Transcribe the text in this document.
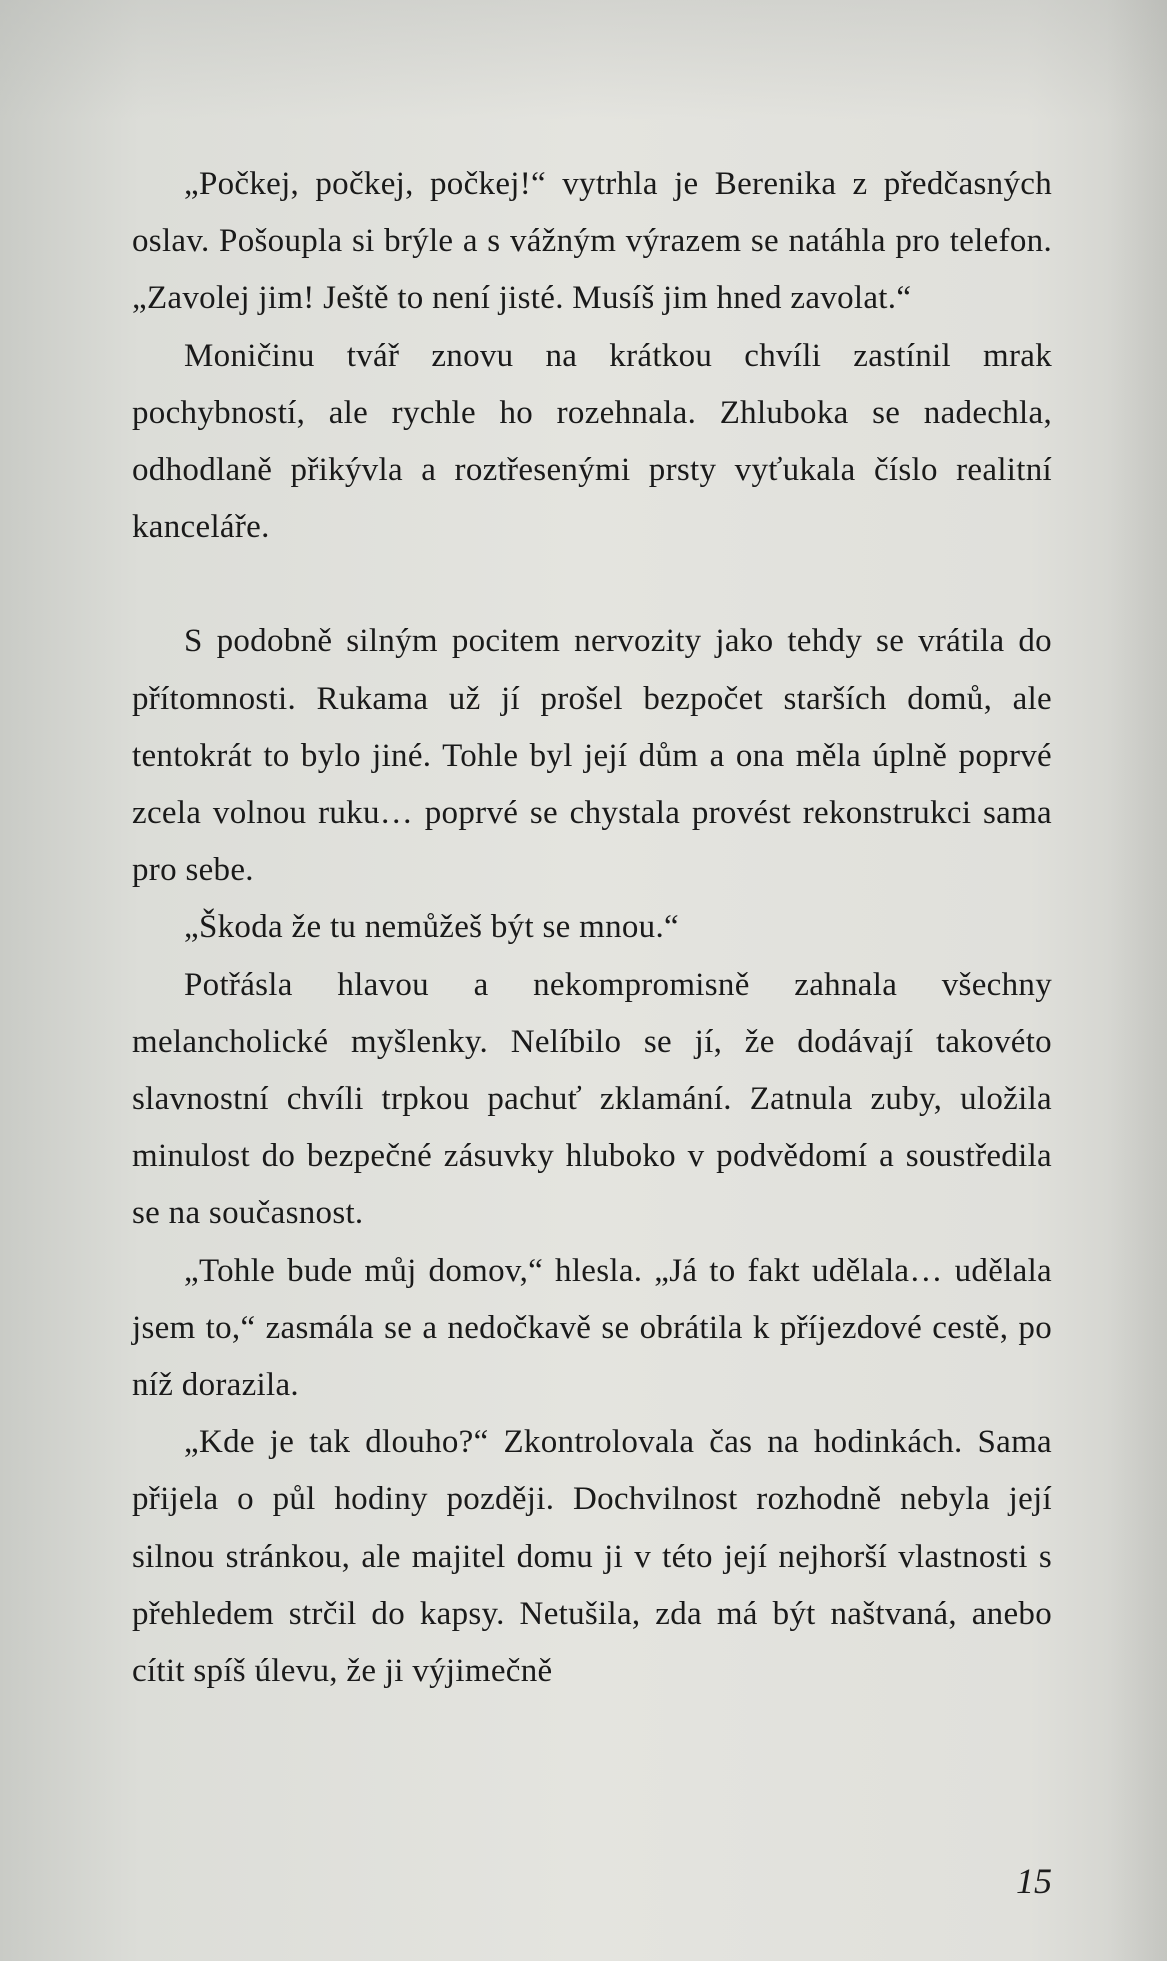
„Počkej, počkej, počkej!“ vytrhla je Berenika z předčasných oslav. Pošoupla si brýle a s vážným výrazem se natáhla pro telefon. „Zavolej jim! Ještě to není jisté. Musíš jim hned zavolat.“

Moničinu tvář znovu na krátkou chvíli zastínil mrak pochybností, ale rychle ho rozehnala. Zhluboka se nadechla, odhodlaně přikývla a roztřesenými prsty vyťukala číslo realitní kanceláře.

S podobně silným pocitem nervozity jako tehdy se vrátila do přítomnosti. Rukama už jí prošel bezpočet starších domů, ale tentokrát to bylo jiné. Tohle byl její dům a ona měla úplně poprvé zcela volnou ruku… poprvé se chystala provést rekonstrukci sama pro sebe.

„Škoda že tu nemůžeš být se mnou.“

Potřásla hlavou a nekompromisně zahnala všechny melancholické myšlenky. Nelíbilo se jí, že dodávají takovéto slavnostní chvíli trpkou pachuť zklamání. Zatnula zuby, uložila minulost do bezpečné zásuvky hluboko v podvědomí a soustředila se na současnost.

„Tohle bude můj domov,“ hlesla. „Já to fakt udělala… udělala jsem to,“ zasmála se a nedočkavě se obrátila k příjezdové cestě, po níž dorazila.

„Kde je tak dlouho?“ Zkontrolovala čas na hodinkách. Sama přijela o půl hodiny později. Dochvilnost rozhodně nebyla její silnou stránkou, ale majitel domu ji v této její nejhorší vlastnosti s přehledem strčil do kapsy. Netušila, zda má být naštvaná, anebo cítit spíš úlevu, že ji výjimečně

15
